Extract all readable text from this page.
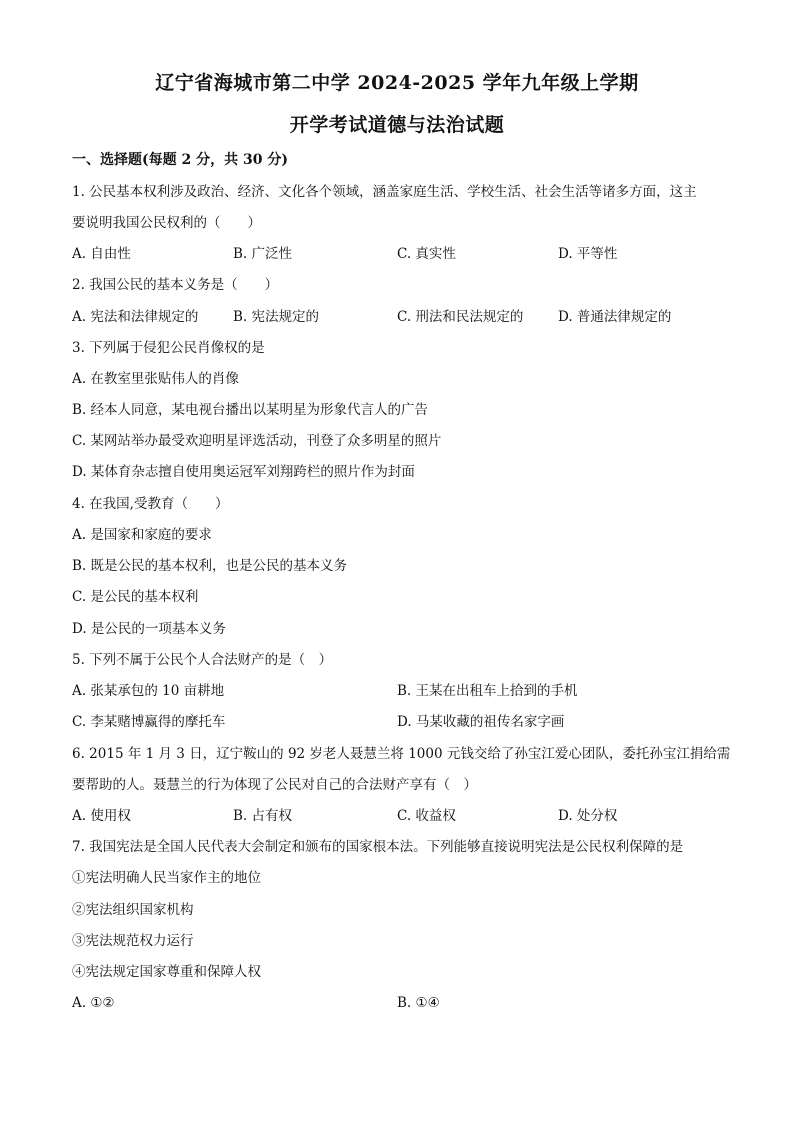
辽宁省海城市第二中学 2024-2025 学年九年级上学期
开学考试道德与法治试题
一、选择题(每题 2 分，共 30 分)
1. 公民基本权利涉及政治、经济、文化各个领域，涵盖家庭生活、学校生活、社会生活等诸多方面，这主
要说明我国公民权利的（　　）
A. 自由性	B. 广泛性	C. 真实性	D. 平等性
2. 我国公民的基本义务是（　　）
A. 宪法和法律规定的	B. 宪法规定的	C. 刑法和民法规定的	D. 普通法律规定的
3. 下列属于侵犯公民肖像权的是
A. 在教室里张贴伟人的肖像
B. 经本人同意，某电视台播出以某明星为形象代言人的广告
C. 某网站举办最受欢迎明星评选活动，刊登了众多明星的照片
D. 某体育杂志擅自使用奥运冠军刘翔跨栏的照片作为封面
4. 在我国,受教育（　　）
A. 是国家和家庭的要求
B. 既是公民的基本权利，也是公民的基本义务
C. 是公民的基本权利
D. 是公民的一项基本义务
5. 下列不属于公民个人合法财产的是（　）
A. 张某承包的 10 亩耕地	B. 王某在出租车上拾到的手机
C. 李某赌博赢得的摩托车	D. 马某收藏的祖传名家字画
6. 2015 年 1 月 3 日，辽宁鞍山的 92 岁老人聂慧兰将 1000 元钱交给了孙宝江爱心团队，委托孙宝江捐给需
要帮助的人。聂慧兰的行为体现了公民对自己的合法财产享有（　）
A. 使用权	B. 占有权	C. 收益权	D. 处分权
7. 我国宪法是全国人民代表大会制定和颁布的国家根本法。下列能够直接说明宪法是公民权利保障的是
①宪法明确人民当家作主的地位
②宪法组织国家机构
③宪法规范权力运行
④宪法规定国家尊重和保障人权
A. ①②	B. ①④
